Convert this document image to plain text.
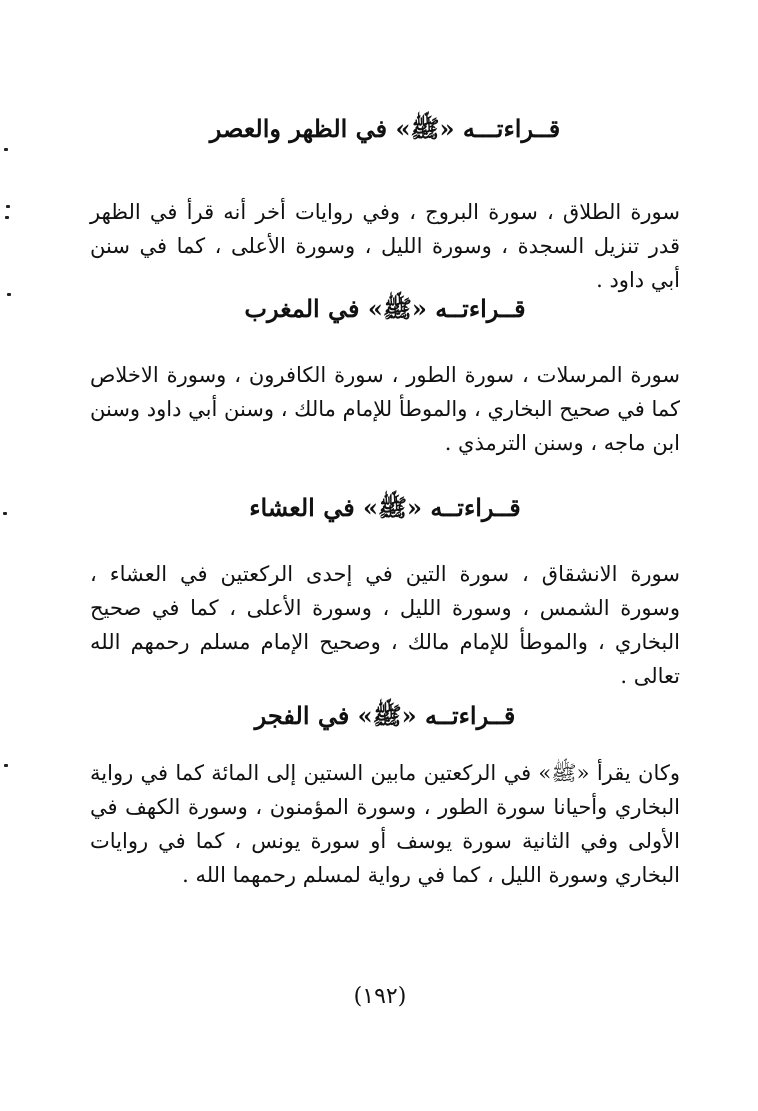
قــراءتـــه «ﷺ» في الظهر والعصر
سورة الطلاق ، سورة البروج ، وفي روايات أخر أنه قرأ في الظهر قدر تنزيل السجدة ، وسورة الليل ، وسورة الأعلى ، كما في سنن أبي داود .
قــراءتــه «ﷺ» في المغرب
سورة المرسلات ، سورة الطور ، سورة الكافرون ، وسورة الاخلاص كما في صحيح البخاري ، والموطأ للإمام مالك ، وسنن أبي داود وسنن ابن ماجه ، وسنن الترمذي .
قــراءتــه «ﷺ» في العشاء
سورة الانشقاق ، سورة التين في إحدى الركعتين في العشاء ، وسورة الشمس ، وسورة الليل ، وسورة الأعلى ، كما في صحيح البخاري ، والموطأ للإمام مالك ، وصحيح الإمام مسلم رحمهم الله تعالى .
قــراءتــه «ﷺ» في الفجر
وكان يقرأ «ﷺ» في الركعتين مابين الستين إلى المائة كما في رواية البخاري وأحيانا سورة الطور ، وسورة المؤمنون ، وسورة الكهف في الأولى وفي الثانية سورة يوسف أو سورة يونس ، كما في روايات البخاري وسورة الليل ، كما في رواية لمسلم رحمهما الله .
(١٩٢)
